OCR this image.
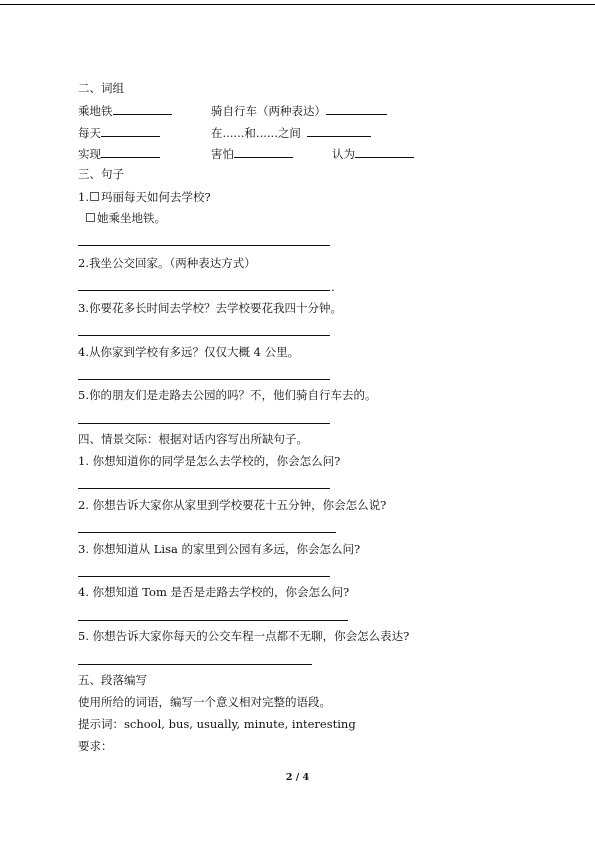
二、词组
乘地铁	骑自行车（两种表达）
每天	在......和......之间
实现	害怕	认为
三、句子
1. 玛丽每天如何去学校?
她乘坐地铁。
2.我坐公交回家。（两种表达方式）
.
3.你要花多长时间去学校？去学校要花我四十分钟。
4.从你家到学校有多远？仅仅大概 4 公里。
5.你的朋友们是走路去公园的吗？不，他们骑自行车去的。
四、情景交际：根据对话内容写出所缺句子。
1. 你想知道你的同学是怎么去学校的，你会怎么问?
2. 你想告诉大家你从家里到学校要花十五分钟，你会怎么说?
3. 你想知道从 Lisa 的家里到公园有多远，你会怎么问?
4. 你想知道 Tom 是否是走路去学校的，你会怎么问?
5. 你想告诉大家你每天的公交车程一点都不无聊，你会怎么表达?
五、段落编写
使用所给的词语，编写一个意义相对完整的语段。
提示词：school, bus, usually, minute, interesting
要求：
2 / 4
